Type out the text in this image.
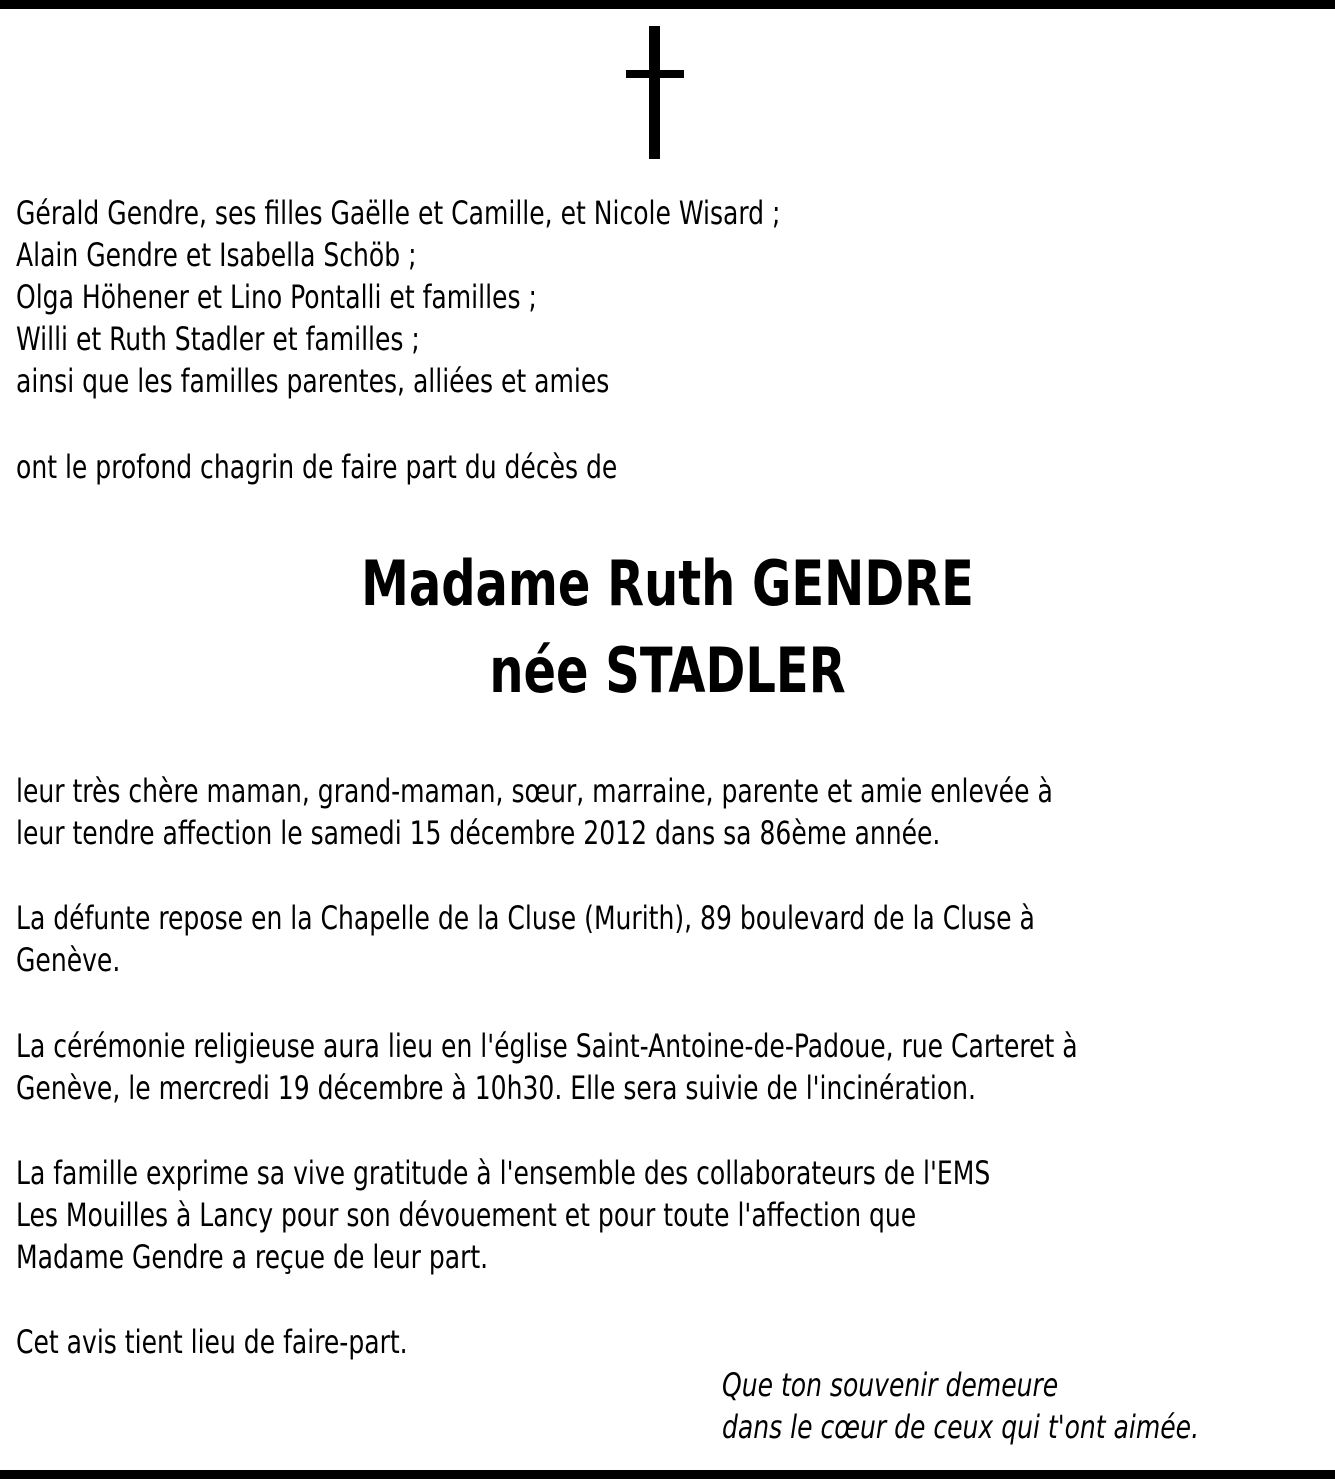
Gérald Gendre, ses filles Gaëlle et Camille, et Nicole Wisard ;
Alain Gendre et Isabella Schöb ;
Olga Höhener et Lino Pontalli et familles ;
Willi et Ruth Stadler et familles ;
ainsi que les familles parentes, alliées et amies
ont le profond chagrin de faire part du décès de
Madame Ruth GENDRE
née STADLER
leur très chère maman, grand-maman, sœur, marraine, parente et amie enlevée à
leur tendre affection le samedi 15 décembre 2012 dans sa 86ème année.
La défunte repose en la Chapelle de la Cluse (Murith), 89 boulevard de la Cluse à
Genève.
La cérémonie religieuse aura lieu en l'église Saint-Antoine-de-Padoue, rue Carteret à
Genève, le mercredi 19 décembre à 10h30. Elle sera suivie de l'incinération.
La famille exprime sa vive gratitude à l'ensemble des collaborateurs de l'EMS
Les Mouilles à Lancy pour son dévouement et pour toute l'affection que
Madame Gendre a reçue de leur part.
Cet avis tient lieu de faire-part.
Que ton souvenir demeure
dans le cœur de ceux qui t'ont aimée.
